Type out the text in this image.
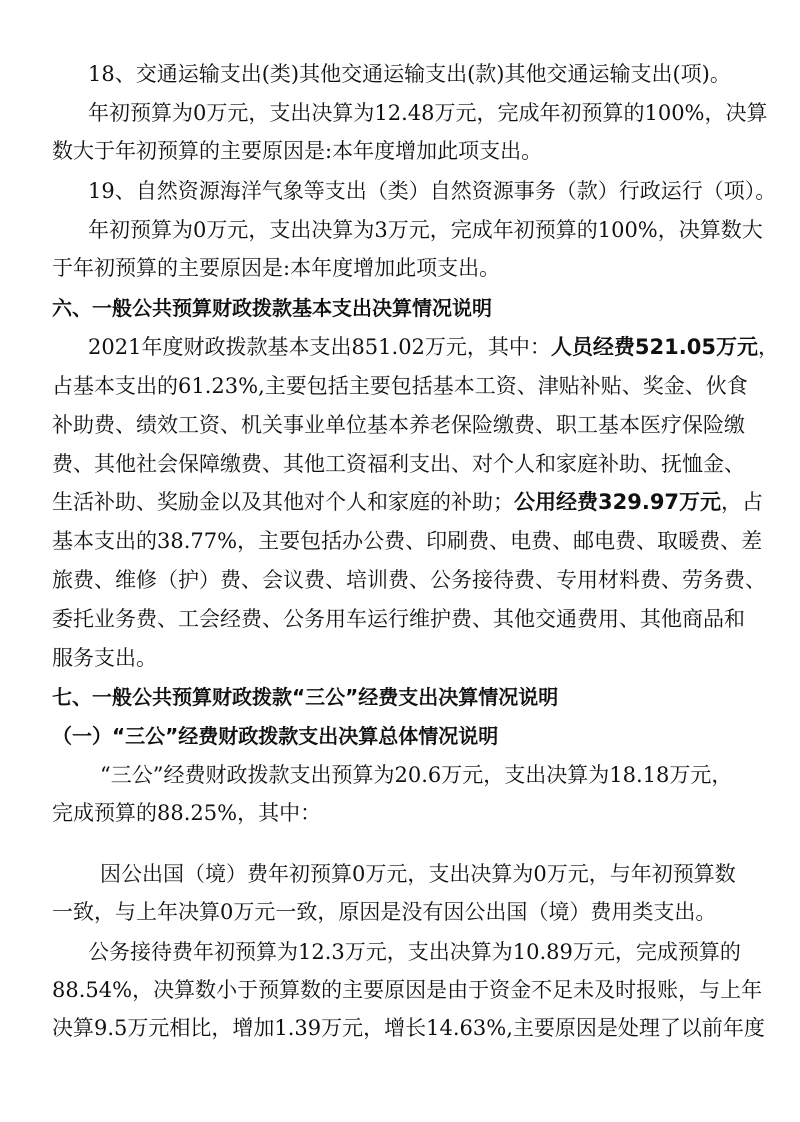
18、交通运输支出(类)其他交通运输支出(款)其他交通运输支出(项)。
年初预算为0万元，支出决算为12.48万元，完成年初预算的100%，决算
数大于年初预算的主要原因是:本年度增加此项支出。
19、自然资源海洋气象等支出（类）自然资源事务（款）行政运行（项）。
年初预算为0万元，支出决算为3万元，完成年初预算的100%，决算数大
于年初预算的主要原因是:本年度增加此项支出。
六、一般公共预算财政拨款基本支出决算情况说明
2021年度财政拨款基本支出851.02万元，其中：人员经费521.05万元，
占基本支出的61.23%,主要包括主要包括基本工资、津贴补贴、奖金、伙食
补助费、绩效工资、机关事业单位基本养老保险缴费、职工基本医疗保险缴
费、其他社会保障缴费、其他工资福利支出、对个人和家庭补助、抚恤金、
生活补助、奖励金以及其他对个人和家庭的补助；公用经费329.97万元，占
基本支出的38.77%，主要包括办公费、印刷费、电费、邮电费、取暖费、差
旅费、维修（护）费、会议费、培训费、公务接待费、专用材料费、劳务费、
委托业务费、工会经费、公务用车运行维护费、其他交通费用、其他商品和
服务支出。
七、一般公共预算财政拨款“三公”经费支出决算情况说明
（一）“三公”经费财政拨款支出决算总体情况说明
“三公”经费财政拨款支出预算为20.6万元，支出决算为18.18万元，
完成预算的88.25%，其中：
因公出国（境）费年初预算0万元，支出决算为0万元，与年初预算数
一致，与上年决算0万元一致，原因是没有因公出国（境）费用类支出。
公务接待费年初预算为12.3万元，支出决算为10.89万元，完成预算的
88.54%，决算数小于预算数的主要原因是由于资金不足未及时报账，与上年
决算9.5万元相比，增加1.39万元，增长14.63%,主要原因是处理了以前年度
